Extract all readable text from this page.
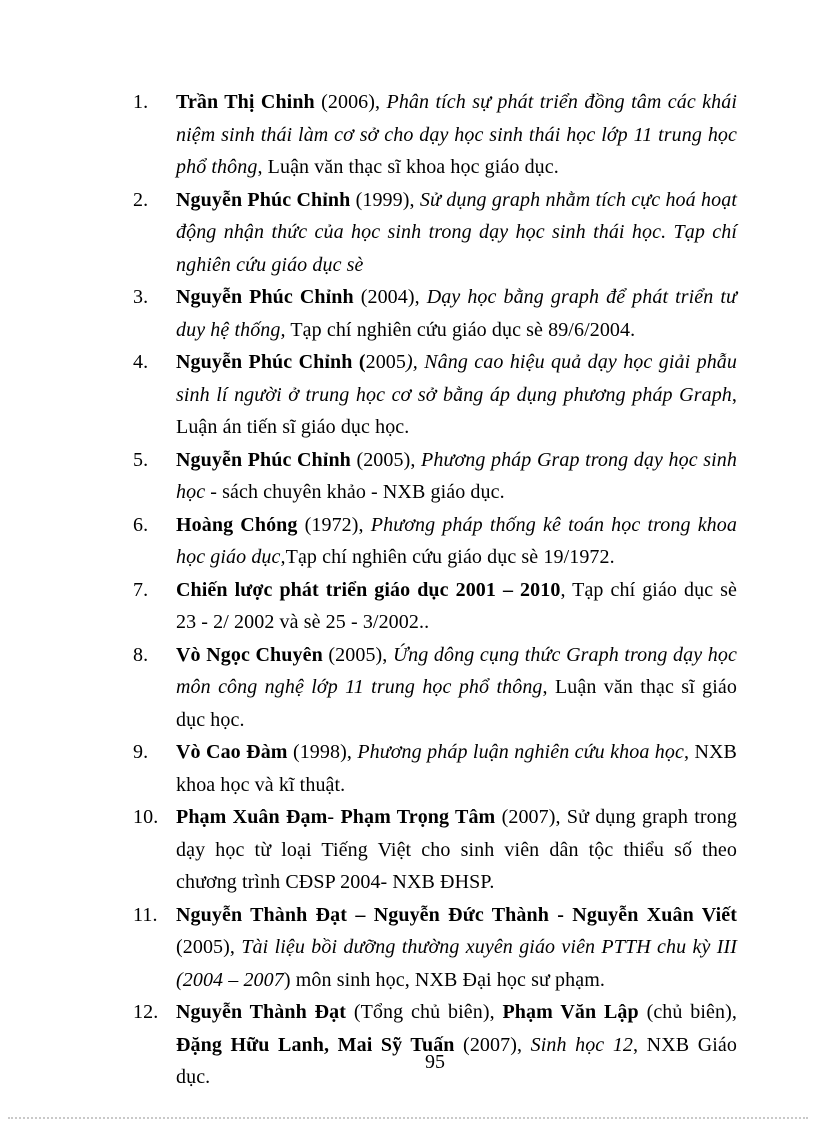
1. Trần Thị Chinh (2006), Phân tích sự phát triển đồng tâm các khái niệm sinh thái làm cơ sở cho dạy học sinh thái học lớp 11 trung học phổ thông, Luận văn thạc sĩ khoa học giáo dục.
2. Nguyễn Phúc Chỉnh (1999), Sử dụng graph nhằm tích cực hoá hoạt động nhận thức của học sinh trong dạy học sinh thái học. Tạp chí nghiên cứu giáo dục sè
3. Nguyễn Phúc Chỉnh (2004), Dạy học bằng graph để phát triển tư duy hệ thống, Tạp chí nghiên cứu giáo dục sè 89/6/2004.
4. Nguyễn Phúc Chỉnh (2005), Nâng cao hiệu quả dạy học giải phẫu sinh lí người ở trung học cơ sở bằng áp dụng phương pháp Graph, Luận án tiến sĩ giáo dục học.
5. Nguyễn Phúc Chỉnh (2005), Phương pháp Grap trong dạy học sinh học - sách chuyên khảo - NXB giáo dục.
6. Hoàng Chóng (1972), Phương pháp thống kê toán học trong khoa học giáo dục,Tạp chí nghiên cứu giáo dục sè 19/1972.
7. Chiến lược phát triển giáo dục 2001 – 2010, Tạp chí giáo dục sè 23 - 2/ 2002 và sè 25 - 3/2002..
8. Vò Ngọc Chuyên (2005), Ứng dông cụng thức Graph trong dạy học môn công nghệ lớp 11 trung học phổ thông, Luận văn thạc sĩ giáo dục học.
9. Vò Cao Đàm (1998), Phương pháp luận nghiên cứu khoa học, NXB khoa học và kĩ thuật.
10. Phạm Xuân Đạm- Phạm Trọng Tâm (2007), Sử dụng graph trong dạy học từ loại Tiếng Việt cho sinh viên dân tộc thiểu số theo chương trình CĐSP 2004- NXB ĐHSP.
11. Nguyễn Thành Đạt – Nguyễn Đức Thành - Nguyễn Xuân Viết (2005), Tài liệu bồi dưỡng thường xuyên giáo viên PTTH chu kỳ III (2004 – 2007) môn sinh học, NXB Đại học sư phạm.
12. Nguyễn Thành Đạt (Tổng chủ biên), Phạm Văn Lập (chủ biên), Đặng Hữu Lanh, Mai Sỹ Tuấn (2007), Sinh học 12, NXB Giáo dục.
95
